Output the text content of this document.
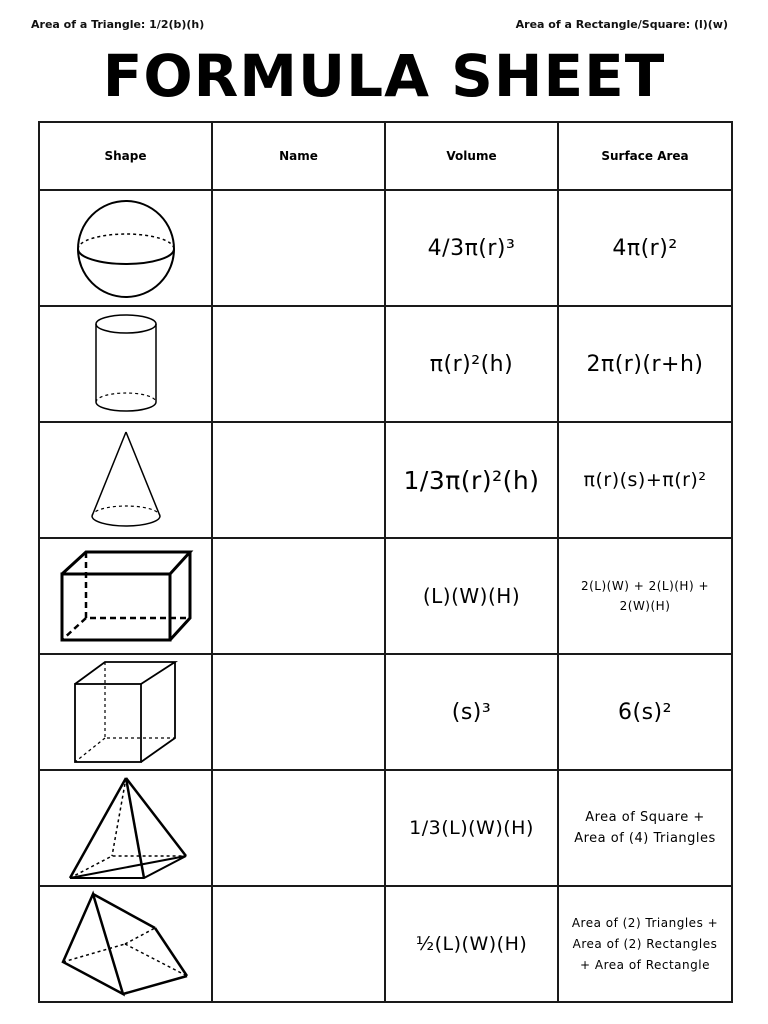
Area of a Triangle: 1/2(b)(h)	Area of a Rectangle/Square: (l)(w)
FORMULA SHEET
Shape	Name	Volume	Surface Area

		4/3π(r)³	4π(r)²

		π(r)²(h)	2π(r)(r+h)

		1/3π(r)²(h)	π(r)(s)+π(r)²

		(L)(W)(H)	2(L)(W) + 2(L)(H) + 2(W)(H)

		(s)³	6(s)²

		1/3(L)(W)(H)	Area of Square + Area of (4) Triangles

		½(L)(W)(H)	Area of (2) Triangles + Area of (2) Rectangles + Area of Rectangle
